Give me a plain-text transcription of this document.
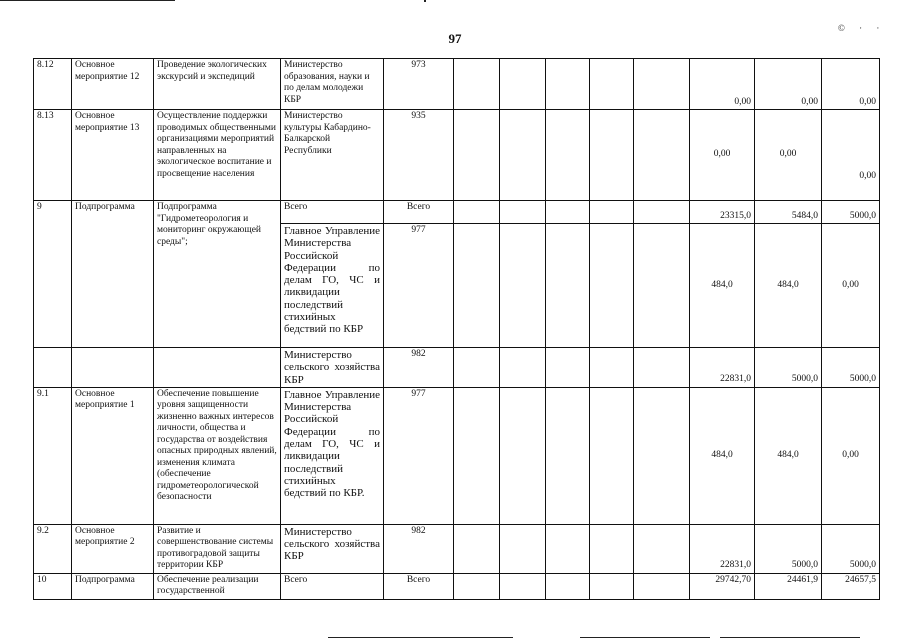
97
© · ·
8.12	Основное мероприятие 12	Проведение экологических экскурсий и экспедиций	Министерство образования, науки и по делам молодежи КБР	973						0,00	0,00	0,00
8.13	Основное мероприятие 13	Осуществление поддержки проводимых общественными организациями мероприятий направленных на экологическое воспитание и просвещение населения	Министерство культуры Кабардино-Балкарской Республики	935						0,00	0,00	0,00
9	Подпрограмма	Подпрограмма "Гидрометеорология и мониторинг окружающей среды";	Всего	Всего						23315,0	5484,0	5000,0
			Главное Управление Министерства Российской Федерации по делам ГО, ЧС и ликвидации последствий стихийных бедствий по КБР	977						484,0	484,0	0,00
			Министерство сельского хозяйства КБР	982						22831,0	5000,0	5000,0
9.1	Основное мероприятие 1	Обеспечение повышение уровня защищенности жизненно важных интересов личности, общества и государства от воздействия опасных природных явлений, изменения климата (обеспечение гидрометеорологической безопасности	Главное Управление Министерства Российской Федерации по делам ГО, ЧС и ликвидации последствий стихийных бедствий по КБР.	977						484,0	484,0	0,00
9.2	Основное мероприятие 2	Развитие и совершенствование системы противоградовой защиты территории КБР	Министерство сельского хозяйства КБР	982						22831,0	5000,0	5000,0
10	Подпрограмма	Обеспечение реализации государственной	Всего	Всего						29742,70	24461,9	24657,5
